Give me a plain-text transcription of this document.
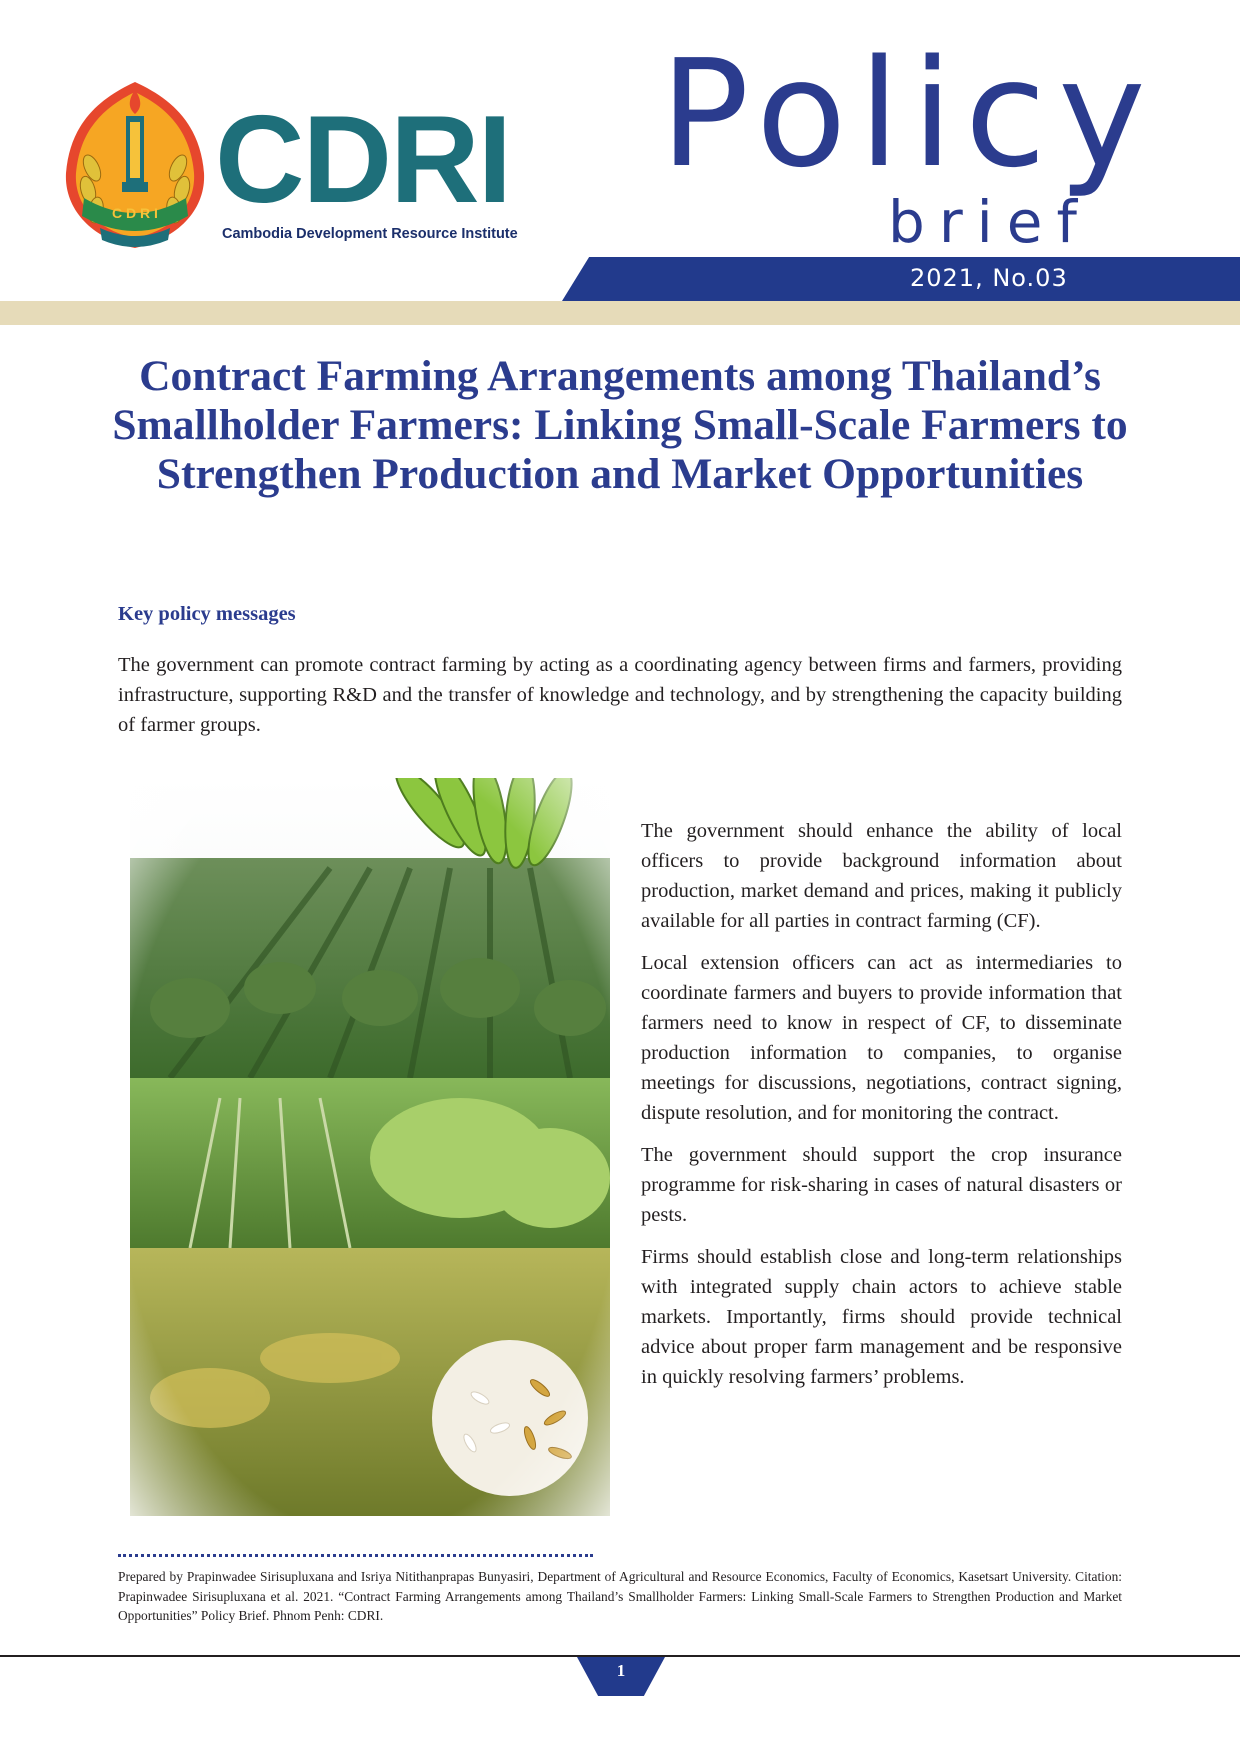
C D R I CDRI
Cambodia Development Resource Institute
Policy
brief
2021, No.03
Contract Farming Arrangements among Thailand’s Smallholder Farmers: Linking Small-Scale Farmers to Strengthen Production and Market Opportunities
Key policy messages

The government can promote contract farming by acting as a coordinating agency between firms and farmers, providing infrastructure, supporting R&D and the transfer of knowledge and technology, and by strengthening the capacity building of farmer groups.

The government should enhance the ability of local officers to provide background information about production, market demand and prices, making it publicly available for all parties in contract farming (CF).

Local extension officers can act as intermediaries to coordinate farmers and buyers to provide information that farmers need to know in respect of CF, to disseminate production information to companies, to organise meetings for discussions, negotiations, contract signing, dispute resolution, and for monitoring the contract.

The government should support the crop insurance programme for risk-sharing in cases of natural disasters or pests.

Firms should establish close and long-term relationships with integrated supply chain actors to achieve stable markets. Importantly, firms should provide technical advice about proper farm management and be responsive in quickly resolving farmers’ problems.

Prepared by Prapinwadee Sirisupluxana and Isriya Nitithanprapas Bunyasiri, Department of Agricultural and Resource Economics, Faculty of Economics, Kasetsart University. Citation: Prapinwadee Sirisupluxana et al. 2021. “Contract Farming Arrangements among Thailand’s Smallholder Farmers: Linking Small-Scale Farmers to Strengthen Production and Market Opportunities” Policy Brief. Phnom Penh: CDRI.

1
